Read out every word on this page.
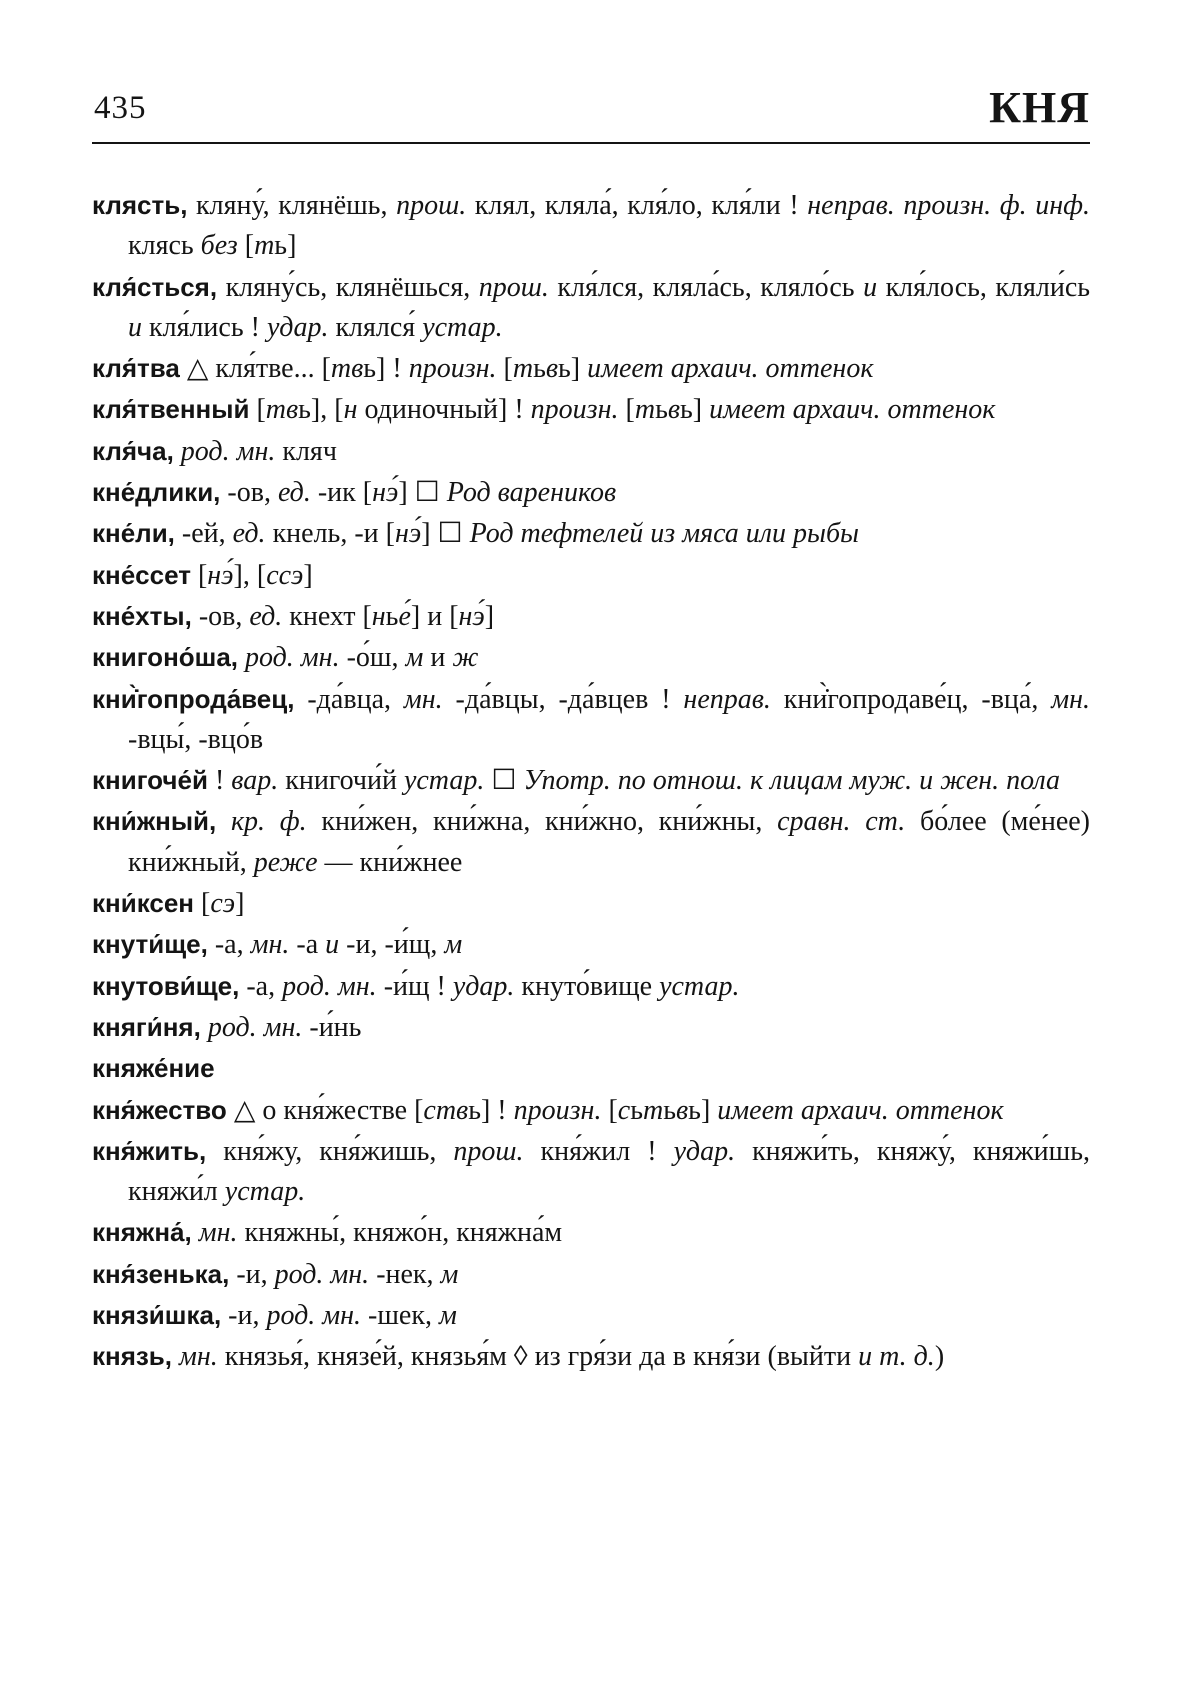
435	КНЯ

клясть, кляну́, клянёшь, прош. клял, кляла́, кля́ло, кля́ли ! неправ. произн. ф. инф. клясь без [ть]

кля́сться, кляну́сь, клянёшься, прош. кля́лся, кляла́сь, кляло́сь и кля́лось, кляли́сь и кля́лись ! удар. клялся́ устар.

кля́тва △ кля́тве... [твь] ! произн. [тьвь] имеет архаич. оттенок

кля́твенный [твь], [н одиночный] ! произн. [тьвь] имеет архаич. оттенок

кля́ча, род. мн. кляч

кне́длики, -ов, ед. -ик [нэ́] ☐ Род вареников

кне́ли, -ей, ед. кнель, -и [нэ́] ☐ Род тефтелей из мяса или рыбы

кне́ссет [нэ́], [ссэ]

кне́хты, -ов, ед. кнехт [нье́] и [нэ́]

книгоно́ша, род. мн. -о́ш, м и ж

кни̇̀гопрода́вец, -да́вца, мн. -да́вцы, -да́вцев ! неправ. кни̇̀гопродаве́ц, -вца́, мн. -вцы́, -вцо́в

книгоче́й ! вар. книгочи́й устар. ☐ Употр. по отнош. к лицам муж. и жен. пола

кни́жный, кр. ф. кни́жен, кни́жна, кни́жно, кни́жны, сравн. ст. бо́лее (ме́нее) кни́жный, реже — кни́жнее

кни́ксен [сэ]

кнути́ще, -а, мн. -а и -и, -и́щ, м

кнутови́ще, -а, род. мн. -и́щ ! удар. кнуто́вище устар.

княги́ня, род. мн. -и́нь

княже́ние

кня́жество △ о кня́жестве [ствь] ! произн. [сьтьвь] имеет архаич. оттенок

кня́жить, кня́жу, кня́жишь, прош. кня́жил ! удар. княжи́ть, княжу́, княжи́шь, княжи́л устар.

княжна́, мн. княжны́, княжо́н, княжна́м

кня́зенька, -и, род. мн. -нек, м

князи́шка, -и, род. мн. -шек, м

князь, мн. князья́, князе́й, князья́м ◊ из гря́зи да в кня́зи (выйти и т. д.)
